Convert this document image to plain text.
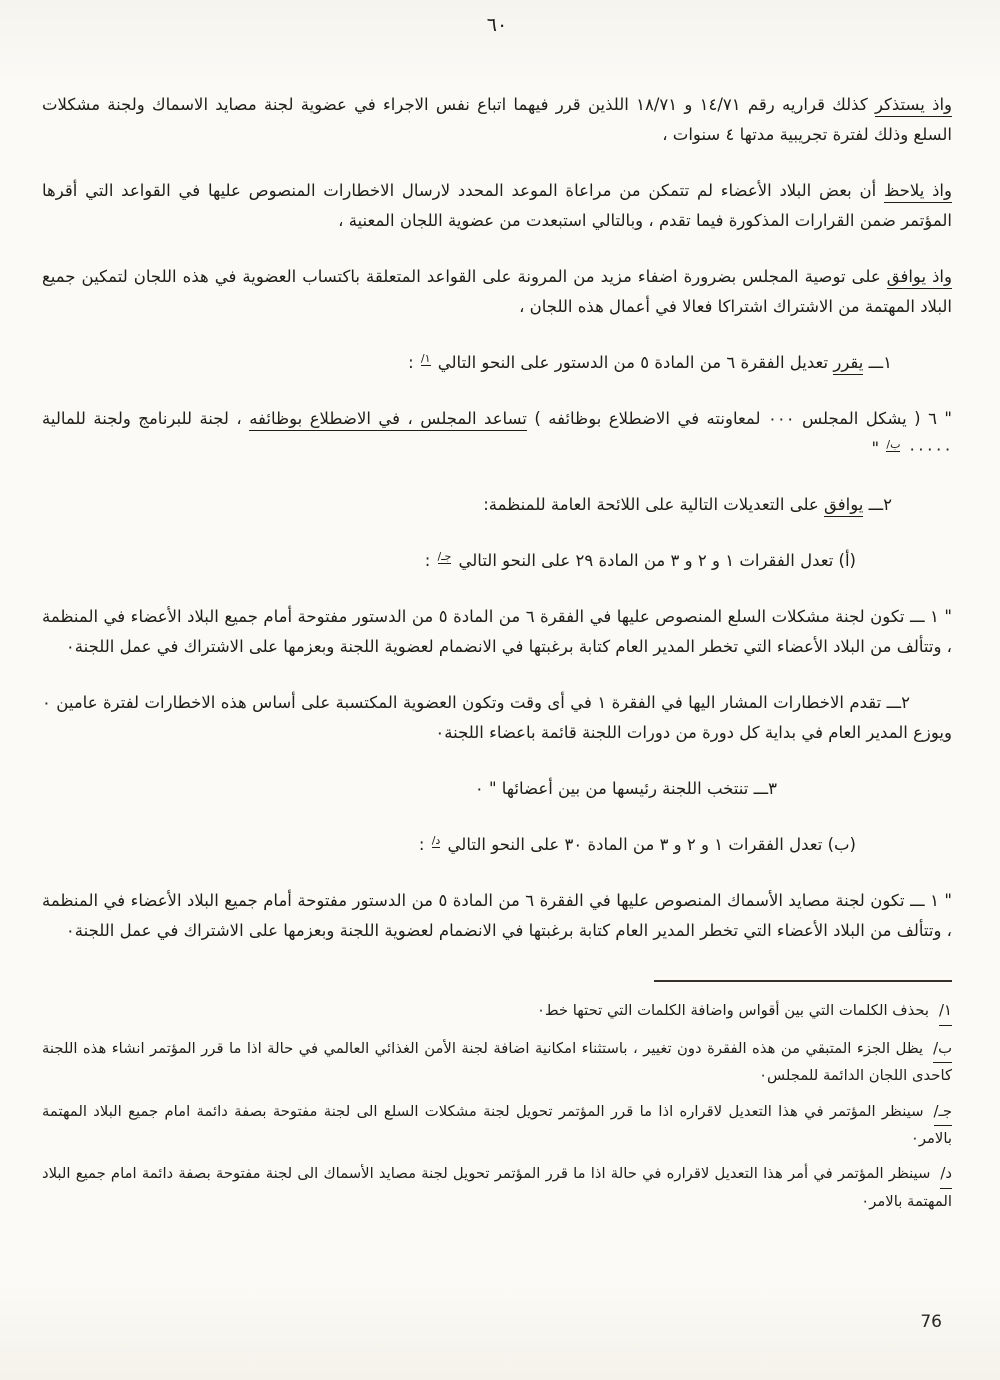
٦٠

واذ يستذكر كذلك قراريه رقم ١٤/٧١ و ١٨/٧١ اللذين قرر فيهما اتباع نفس الاجراء في عضوية لجنة مصايد الاسماك ولجنة مشكلات السلع وذلك لفترة تجريبية مدتها ٤ سنوات ،

واذ يلاحظ أن بعض البلاد الأعضاء لم تتمكن من مراعاة الموعد المحدد لارسال الاخطارات المنصوص عليها في القواعد التي أقرها المؤتمر ضمن القرارات المذكورة فيما تقدم ، وبالتالي استبعدت من عضوية اللجان المعنية ،

واذ يوافق على توصية المجلس بضرورة اضفاء مزيد من المرونة على القواعد المتعلقة باكتساب العضوية في هذه اللجان لتمكين جميع البلاد المهتمة من الاشتراك اشتراكا فعالا في أعمال هذه اللجان ،

١ـــ يقرر تعديل الفقرة ٦ من المادة ٥ من الدستور على النحو التالي $^{١/}$ :

" ٦ ( يشكل المجلس ٠٠٠ لمعاونته في الاضطلاع بوظائفه ) تساعد المجلس ، في الاضطلاع بوظائفه ، لجنة للبرنامج ولجنة للمالية ٠٠٠٠٠ $^{ب/}$ "

٢ـــ يوافق على التعديلات التالية على اللائحة العامة للمنظمة:

(أ) تعدل الفقرات ١ و ٢ و ٣ من المادة ٢٩ على النحو التالي $^{جـ/}$ :

" ١ ـــ تكون لجنة مشكلات السلع المنصوص عليها في الفقرة ٦ من المادة ٥ من الدستور مفتوحة أمام جميع البلاد الأعضاء في المنظمة ، وتتألف من البلاد الأعضاء التي تخطر المدير العام كتابة برغبتها في الانضمام لعضوية اللجنة وبعزمها على الاشتراك في عمل اللجنة٠

٢ـــ تقدم الاخطارات المشار اليها في الفقرة ١ في أى وقت وتكون العضوية المكتسبة على أساس هذه الاخطارات لفترة عامين ٠ ويوزع المدير العام في بداية كل دورة من دورات اللجنة قائمة باعضاء اللجنة٠

٣ـــ تنتخب اللجنة رئيسها من بين أعضائها " ٠

(ب) تعدل الفقرات ١ و ٢ و ٣ من المادة ٣٠ على النحو التالي $^{د/}$ :

" ١ ـــ تكون لجنة مصايد الأسماك المنصوص عليها في الفقرة ٦ من المادة ٥ من الدستور مفتوحة أمام جميع البلاد الأعضاء في المنظمة ، وتتألف من البلاد الأعضاء التي تخطر المدير العام كتابة برغبتها في الانضمام لعضوية اللجنة وبعزمها على الاشتراك في عمل اللجنة٠

١/بحذف الكلمات التي بين أقواس واضافة الكلمات التي تحتها خط٠

ب/يظل الجزء المتبقي من هذه الفقرة دون تغيير ، باستثناء امكانية اضافة لجنة الأمن الغذائي العالمي في حالة اذا ما قرر المؤتمر انشاء هذه اللجنة كاحدى اللجان الدائمة للمجلس٠

جـ/سينظر المؤتمر في هذا التعديل لاقراره اذا ما قرر المؤتمر تحويل لجنة مشكلات السلع الى لجنة مفتوحة بصفة دائمة امام جميع البلاد المهتمة بالامر٠

د/سينظر المؤتمر في أمر هذا التعديل لاقراره في حالة اذا ما قرر المؤتمر تحويل لجنة مصايد الأسماك الى لجنة مفتوحة بصفة دائمة امام جميع البلاد المهتمة بالامر٠

76
